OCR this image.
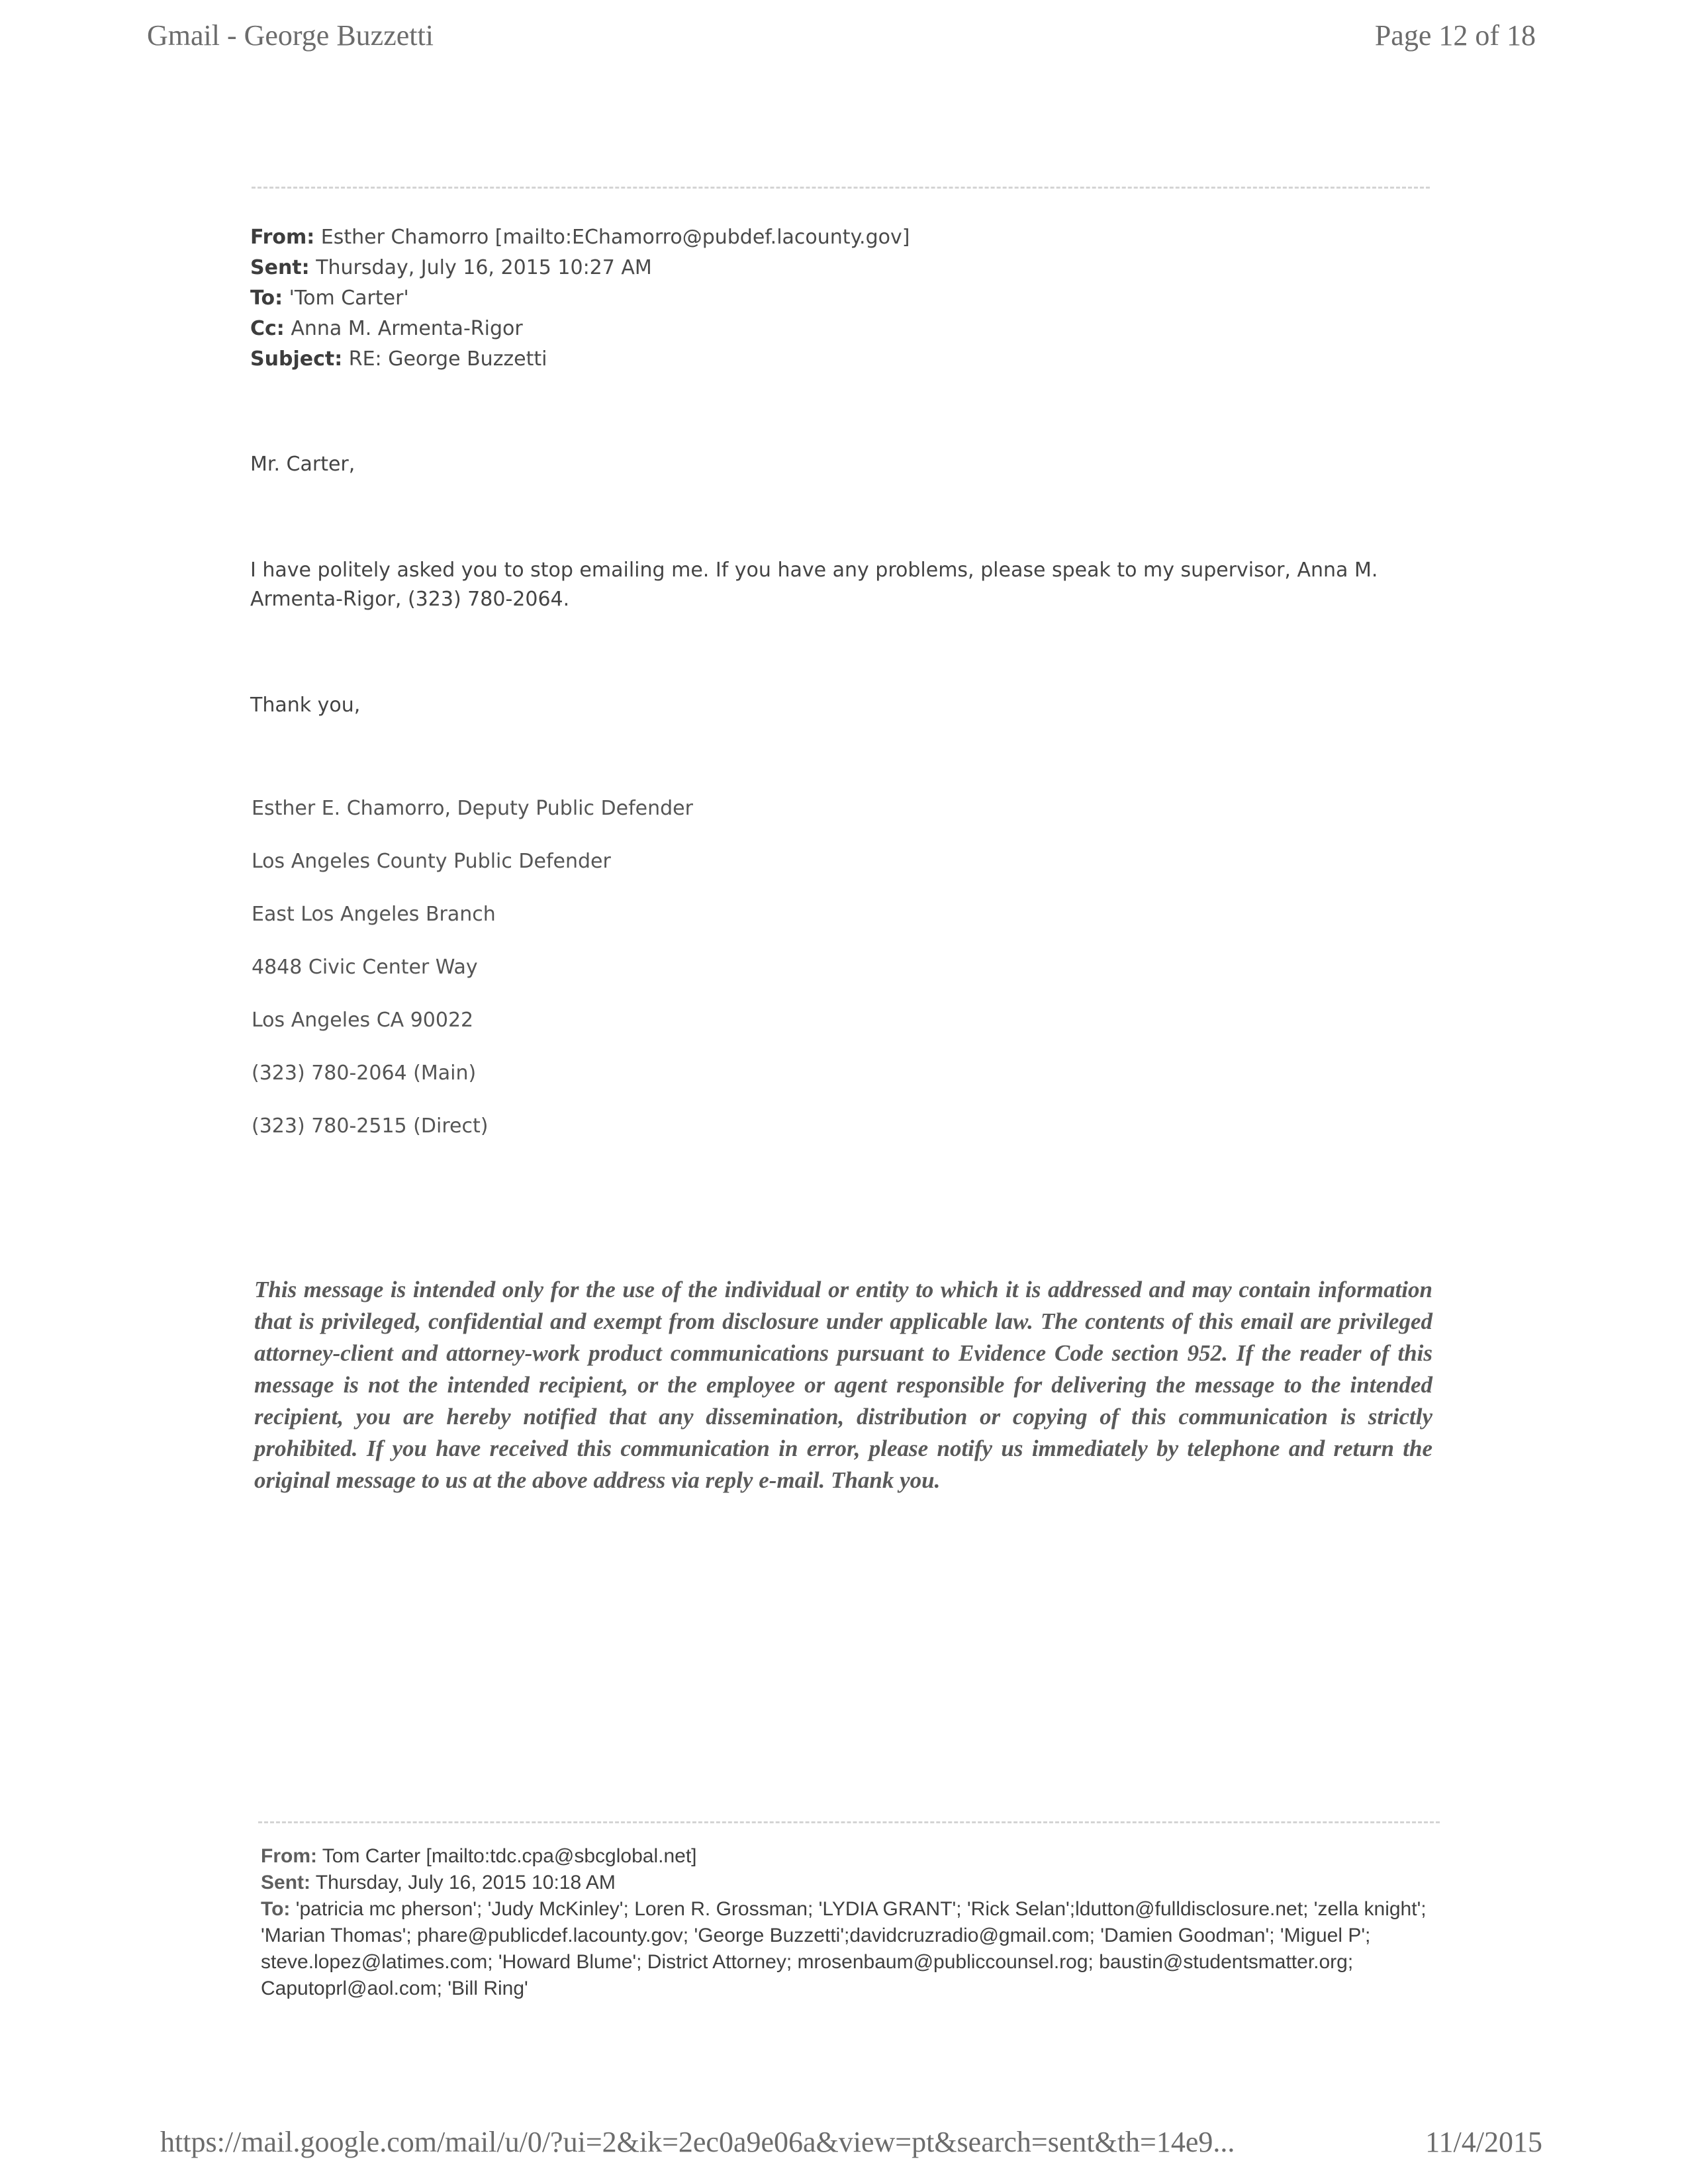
Gmail - George Buzzetti	Page 12 of 18
From: Esther Chamorro [mailto:EChamorro@pubdef.lacounty.gov]
Sent: Thursday, July 16, 2015 10:27 AM
To: 'Tom Carter'
Cc: Anna M. Armenta-Rigor
Subject: RE: George Buzzetti
Mr. Carter,
I have politely asked you to stop emailing me. If you have any problems, please speak to my supervisor, Anna M. Armenta-Rigor, (323) 780-2064.
Thank you,
Esther E. Chamorro, Deputy Public Defender
Los Angeles County Public Defender
East Los Angeles Branch
4848 Civic Center Way
Los Angeles CA 90022
(323) 780-2064 (Main)
(323) 780-2515 (Direct)
This message is intended only for the use of the individual or entity to which it is addressed and may contain information that is privileged, confidential and exempt from disclosure under applicable law. The contents of this email are privileged attorney-client and attorney-work product communications pursuant to Evidence Code section 952. If the reader of this message is not the intended recipient, or the employee or agent responsible for delivering the message to the intended recipient, you are hereby notified that any dissemination, distribution or copying of this communication is strictly prohibited. If you have received this communication in error, please notify us immediately by telephone and return the original message to us at the above address via reply e-mail. Thank you.
From: Tom Carter [mailto:tdc.cpa@sbcglobal.net]
Sent: Thursday, July 16, 2015 10:18 AM
To: 'patricia mc pherson'; 'Judy McKinley'; Loren R. Grossman; 'LYDIA GRANT'; 'Rick Selan';ldutton@fulldisclosure.net; 'zella knight'; 'Marian Thomas'; phare@publicdef.lacounty.gov; 'George Buzzetti';davidcruzradio@gmail.com; 'Damien Goodman'; 'Miguel P'; steve.lopez@latimes.com; 'Howard Blume'; District Attorney; mrosenbaum@publiccounsel.rog; baustin@studentsmatter.org; Caputoprl@aol.com; 'Bill Ring'
https://mail.google.com/mail/u/0/?ui=2&ik=2ec0a9e06a&view=pt&search=sent&th=14e9...	11/4/2015
